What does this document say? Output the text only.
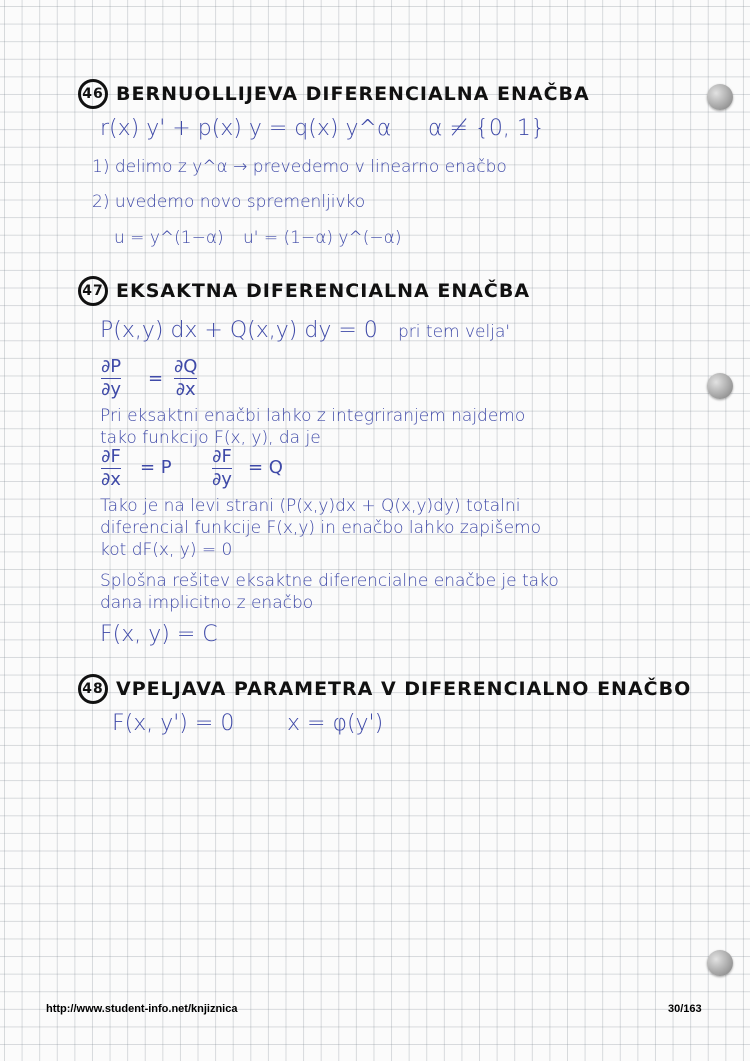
46 BERNUOLLIJEVA DIFERENCIALNA ENAČBA
r(x) y' + p(x) y = q(x) y^α α ≠ {0, 1}
1) delimo z y^α → prevedemo v linearno enačbo
2) uvedemo novo spremenljivko
u = y^(1−α) u' = (1−α) y^(−α)
47 EKSAKTNA DIFERENCIALNA ENAČBA
P(x,y) dx + Q(x,y) dy = 0 pri tem velja'
∂P
∂y
=
∂Q
∂x
Pri eksaktni enačbi lahko z integriranjem najdemo
tako funkcijo F(x, y), da je
∂F
∂x
= P
∂F
∂y
= Q
Tako je na levi strani (P(x,y)dx + Q(x,y)dy) totalni
diferencial funkcije F(x,y) in enačbo lahko zapišemo
kot dF(x, y) = 0
Splošna rešitev eksaktne diferencialne enačbe je tako
dana implicitno z enačbo
F(x, y) = C
48 VPELJAVA PARAMETRA V DIFERENCIALNO ENAČBO
F(x, y') = 0 x = φ(y')
http://www.student-info.net/knjiznica	30/163
